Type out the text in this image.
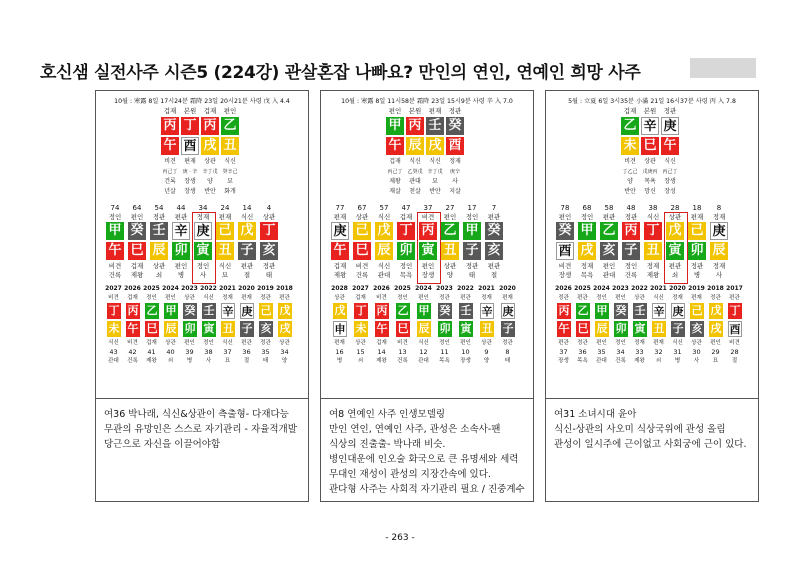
호신샘 실전사주 시즌5 (224강) 관살혼잡 나빠요? 만인의 연인, 연예인 희망 사주
10월 : 寒露 8일 17시24분 霜降 23일 20시21분 사령 戊 入 4.4
겁재	본원	겁재	편인
丙 丁 丙 乙
午 酉 戌 丑
비견	편재	상관	식신
丙己丁	庚 · 辛	辛丁戊 癸辛己
건록	장생	양	묘
년살	장생	반안	화개
74	64	54	44	34	24	14	4
정인	편인	정관	편관	정재	편재	식신	상관
甲 癸 壬 辛 庚 己 戊 丁
午 巳 辰 卯 寅 丑 子 亥
비견	겁재	상관	편인	정인	식신	편관	정관
건록	제왕	쇠	병	사	묘	절	태
2027 2026 2025 2024 2023 2022 2021 2020 2019 2018
비견	겁재	정인	편인	상관	식신	정재	편재	정관	편관
丁 丙 乙 甲 癸 壬 辛 庚 己 戊
未 午 巳 辰 卯 寅 丑 子 亥 戌
식신	비견	겁재	상관	편인	정인	식신	편관	정관	상관
43	42	41	40	39	38	37	36	35	34
관대	건록	제왕	쇠	병	사	묘	절	태	양
여36 박나래, 식신&상관이 측출형- 다재다능
무관의 유망인은 스스로 자기관리 - 자율적개발
당근으로 자신을 이끌어야함
10월 : 寒露 8일 11시58분 霜降 23일 15시9분 사령 辛 入 7.0
편인	본원	편재	정관
甲 丙 壬 癸
午 辰 戌 酉
겁재	식신	식신	정재
丙己丁 乙癸戊 辛丁戊	庚辛
제왕	관대	묘	사
재살	천살	반안	지살
77	67	57	47	37	27	17	7
편재	상관	식신	겁재	비견	편인	정인	편관
庚 己 戊 丁 丙 乙 甲 癸
午 巳 辰 卯 寅 丑 子 亥
겁재	비견	식신	정인	편인	상관	정관	편관
제왕	건록	관대	목욕	장생	양	태	절
2028 2027 2026 2025 2024 2023 2022 2021 2020
상관	겁재	비견	정인	편인	정관	편관	정재	편재
戊 丁 丙 乙 甲 癸 壬 辛 庚
申 未 午 巳 辰 卯 寅 丑 子
편재	상관	겁재	비견	식신	정인	편인	상관	정관
16	15	14	13	12	11	10	9	8
병	쇠	제왕	건록	관대	목욕	장생	양	태
여8 연예인 사주 인생모델링
만인 연인, 연예인 사주, 관성은 소속사-팬
식상의 진출출- 박나래 비슷.
병인대운에 인오술 화국으로 큰 유명세와 세력
무대인 재성이 관성의 지장간속에 있다.
관다형 사주는 사회적 자기관리 필요 / 진중계수
5월 : 立夏 6일 3시35분 小滿 21일 16시37분 사령 丙 入 7.8
겁재	본원	정관
乙 辛 庚
未 巳 午
비견	상관	식신
丁乙己 戊庚丙 丙己丁
양	목욕	장생
반안	망신	장성
78	68	58	48	38	28	18	8
편인	정인	편관	정관	식신	상관	편재	정재
癸 甲 乙 丙 丁 戊 己 庚
酉 戌 亥 子 丑 寅 卯 辰
비견	정재	편인	정인	정재	편관	정관	정재
장생	목욕	관대	건록	제왕	쇠	병	사
2026 2025 2024 2023 2022 2021 2020 2019 2018 2017
정관	편관	정인	편인	상관	식신	정재	편재	정관	편관
丙 乙 甲 癸 壬 辛 庚 己 戊 丁
午 巳 辰 卯 寅 丑 子 亥 戌 酉
편관	정관	편인	정인	정재	편재	식신	상관	편인	비견
37	36	35	34	33	32	31	30	29	28
장생	목욕	관대	건록	제왕	쇠	병	사	묘	절
여31 소녀시대 윤아
식신-상관의 사오미 식상국위에 관성 올림
관성이 일시주에 근이없고 사회궁에 근이 있다.
- 263 -
